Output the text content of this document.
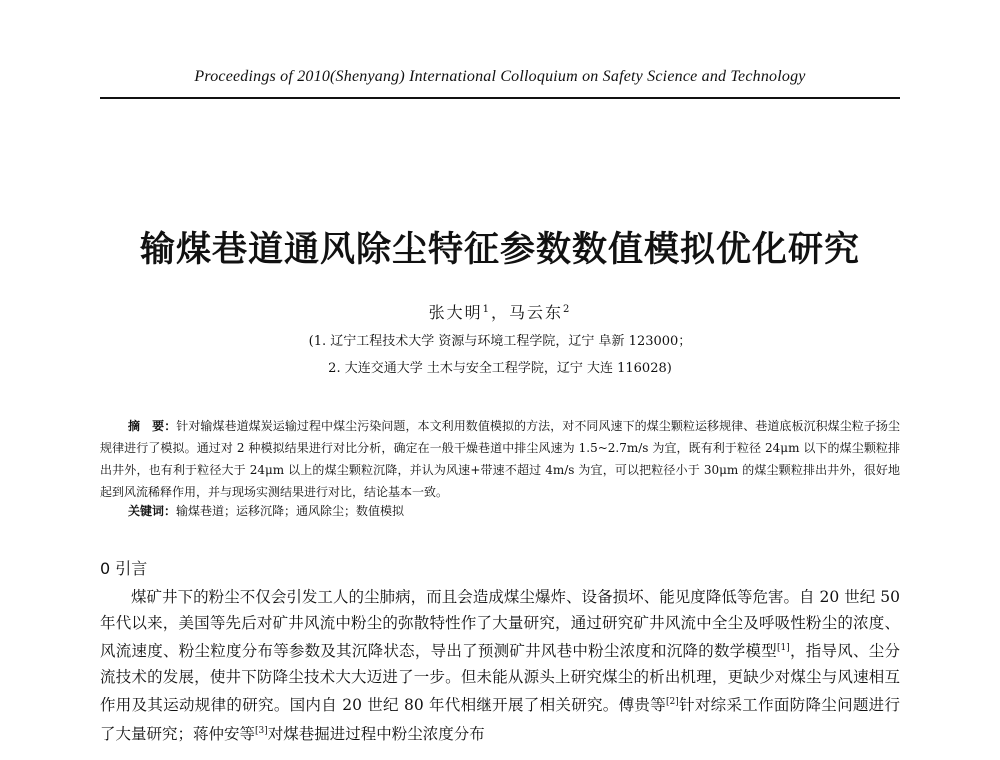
Proceedings of 2010(Shenyang) International Colloquium on Safety Science and Technology
输煤巷道通风除尘特征参数数值模拟优化研究
张大明$^1$，马云东$^2$
(1. 辽宁工程技术大学 资源与环境工程学院，辽宁 阜新 123000；
2. 大连交通大学 土木与安全工程学院，辽宁 大连 116028)
摘　要：针对输煤巷道煤炭运输过程中煤尘污染问题，本文利用数值模拟的方法，对不同风速下的煤尘颗粒运移规律、巷道底板沉积煤尘粒子扬尘规律进行了模拟。通过对 2 种模拟结果进行对比分析，确定在一般干燥巷道中排尘风速为 1.5~2.7m/s 为宜，既有利于粒径 24μm 以下的煤尘颗粒排出井外，也有利于粒径大于 24μm 以上的煤尘颗粒沉降，并认为风速+带速不超过 4m/s 为宜，可以把粒径小于 30μm 的煤尘颗粒排出井外，很好地起到风流稀释作用，并与现场实测结果进行对比，结论基本一致。
关键词：输煤巷道；运移沉降；通风除尘；数值模拟
0 引言
煤矿井下的粉尘不仅会引发工人的尘肺病，而且会造成煤尘爆炸、设备损坏、能见度降低等危害。自 20 世纪 50 年代以来，美国等先后对矿井风流中粉尘的弥散特性作了大量研究，通过研究矿井风流中全尘及呼吸性粉尘的浓度、风流速度、粉尘粒度分布等参数及其沉降状态，导出了预测矿井风巷中粉尘浓度和沉降的数学模型[1]，指导风、尘分流技术的发展，使井下防降尘技术大大迈进了一步。但未能从源头上研究煤尘的析出机理，更缺少对煤尘与风速相互作用及其运动规律的研究。国内自 20 世纪 80 年代相继开展了相关研究。傅贵等[2]针对综采工作面防降尘问题进行了大量研究；蒋仲安等[3]对煤巷掘进过程中粉尘浓度分布
